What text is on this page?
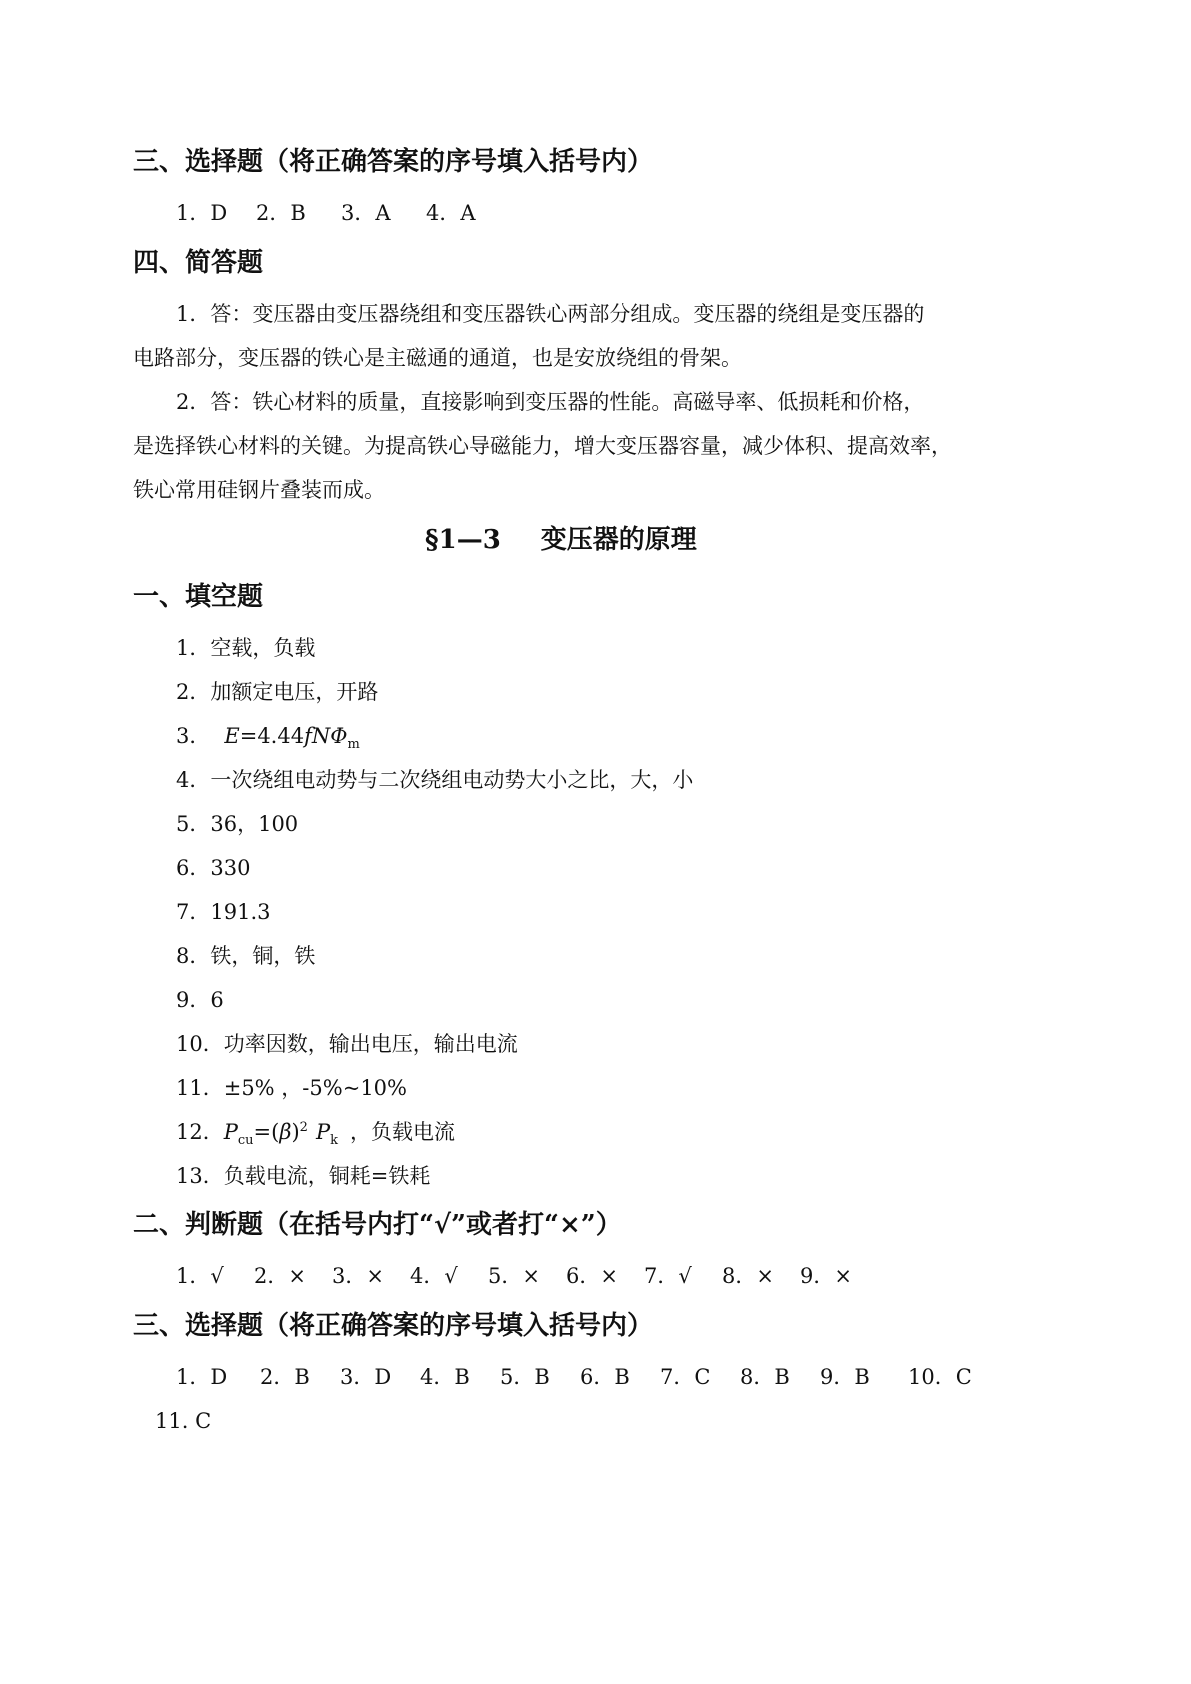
三、选择题（将正确答案的序号填入括号内）
1．D 2．B 3．A 4．A
四、简答题
1．答：变压器由变压器绕组和变压器铁心两部分组成。变压器的绕组是变压器的
电路部分，变压器的铁心是主磁通的通道，也是安放绕组的骨架。
2．答：铁心材料的质量，直接影响到变压器的性能。高磁导率、低损耗和价格，
是选择铁心材料的关键。为提高铁心导磁能力，增大变压器容量，减少体积、提高效率，
铁心常用硅钢片叠装而成。
§1—3 变压器的原理
一、填空题
1．空载，负载
2．加额定电压，开路
3． E=4.44fNΦ$_m$
4．一次绕组电动势与二次绕组电动势大小之比，大，小
5．36，100
6．330
7．191.3
8．铁，铜，铁
9．6
10．功率因数，输出电压，输出电流
11．±5% ，-5%~10%
12．$P_{cu}=(\beta)^2$ $P_k$ ，负载电流
13．负载电流，铜耗=铁耗
二、判断题（在括号内打“√”或者打“×”）
1．√ 2．× 3．× 4．√ 5．× 6．× 7．√ 8．× 9．×
三、选择题（将正确答案的序号填入括号内）
1．D 2．B 3．D 4．B 5．B 6．B 7．C 8．B 9．B 10．C
11. C
